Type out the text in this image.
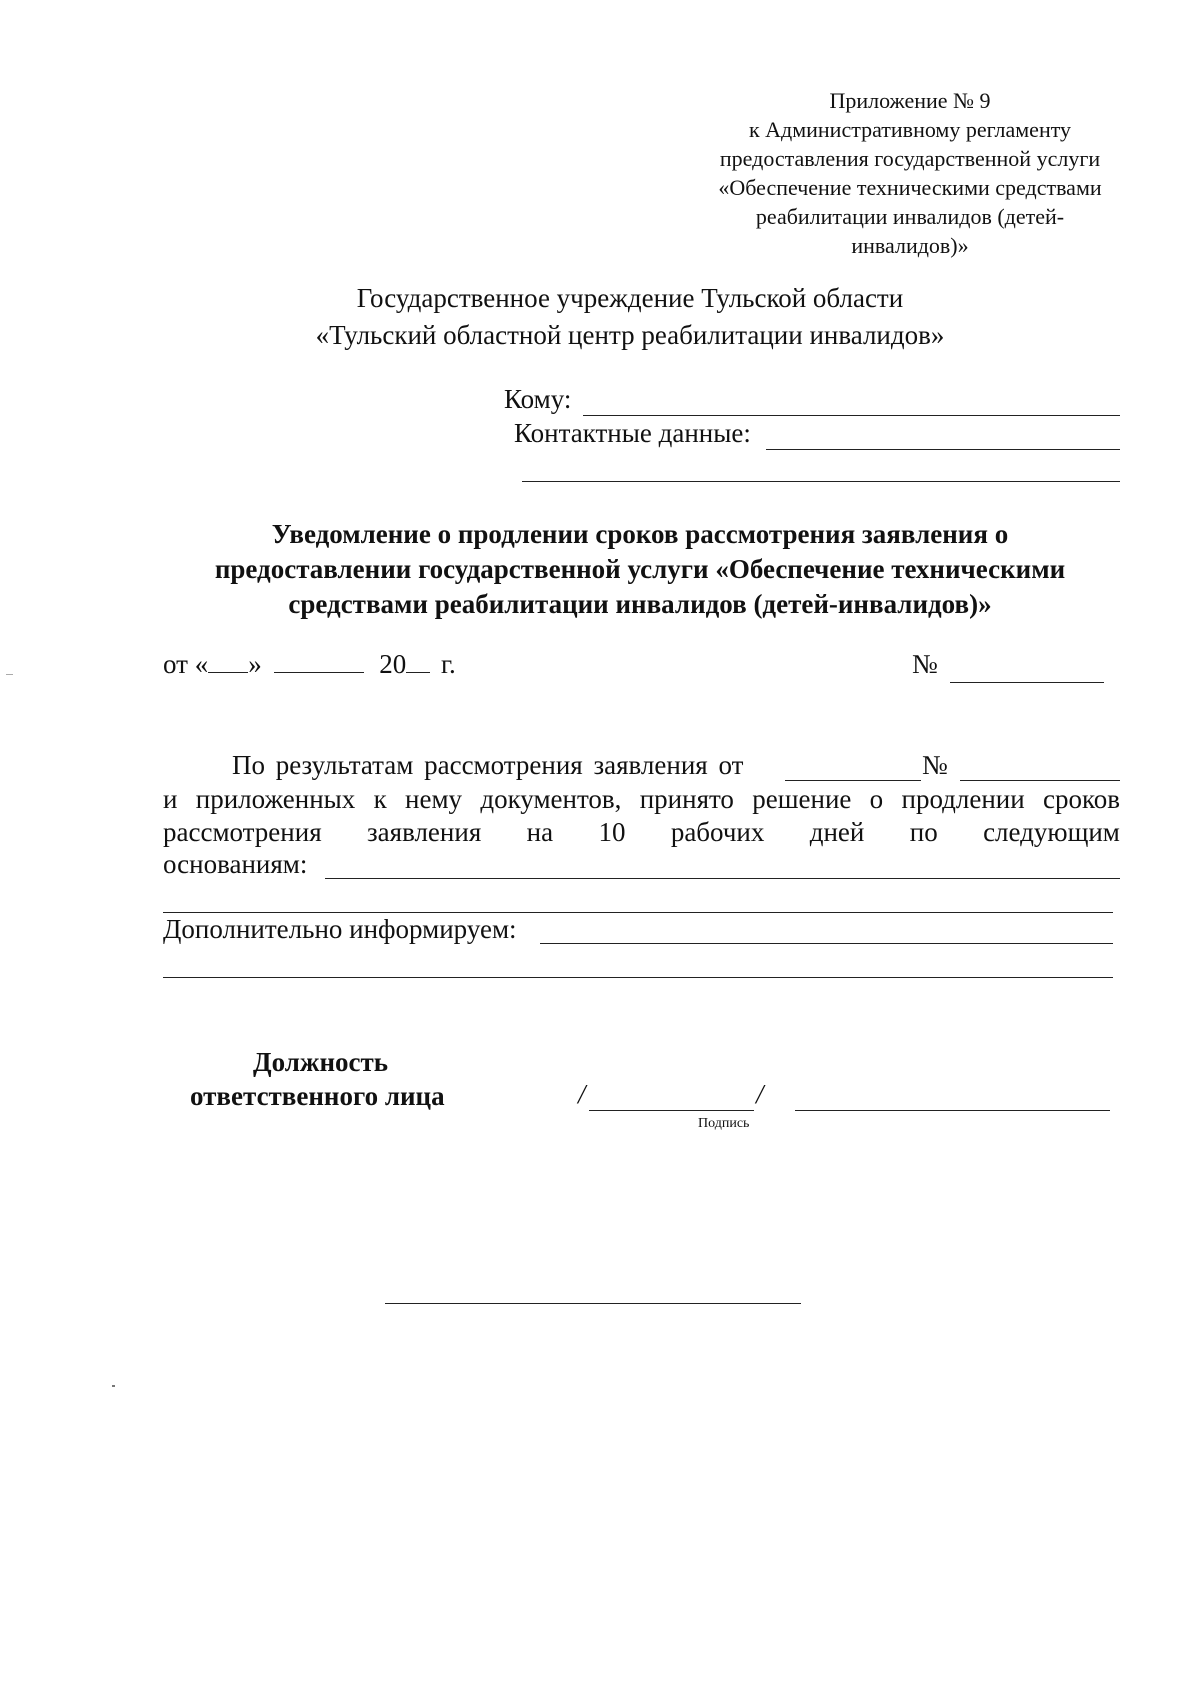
Приложение № 9
к Административному регламенту
предоставления государственной услуги
«Обеспечение техническими средствами
реабилитации инвалидов (детей-
инвалидов)»
Государственное учреждение Тульской области
«Тульский областной центр реабилитации инвалидов»
Кому:
Контактные данные:
Уведомление о продлении сроков рассмотрения заявления о
предоставлении государственной услуги «Обеспечение техническими
средствами реабилитации инвалидов (детей-инвалидов)»
от « »	20 г.	№
По результатам рассмотрения заявления от	№
и приложенных к нему документов, принято решение о продлении сроков
рассмотрения заявления на 10 рабочих дней по следующим
основаниям:
Дополнительно информируем:
Должность
ответственного лица	/	/
Подпись
